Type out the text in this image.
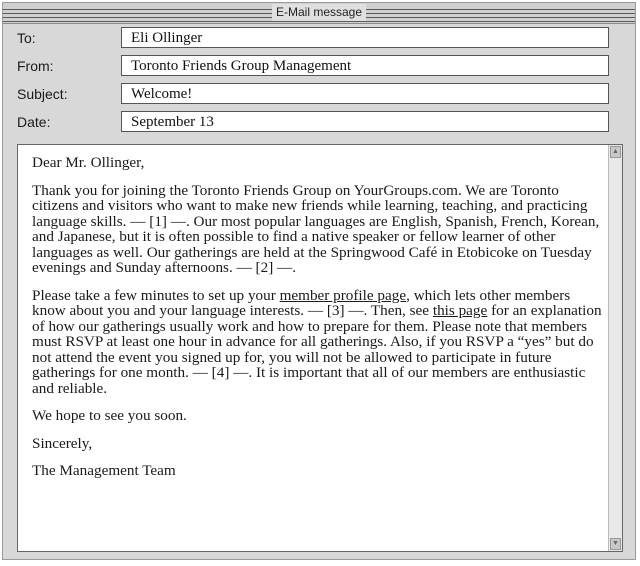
E-Mail message
To:	Eli Ollinger
From:	Toronto Friends Group Management
Subject:	Welcome!
Date:	September 13

Dear Mr. Ollinger,

Thank you for joining the Toronto Friends Group on YourGroups.com. We are Toronto citizens and visitors who want to make new friends while learning, teaching, and practicing language skills. — [1] —. Our most popular languages are English, Spanish, French, Korean, and Japanese, but it is often possible to find a native speaker or fellow learner of other languages as well. Our gatherings are held at the Springwood Café in Etobicoke on Tuesday evenings and Sunday afternoons. — [2] —.

Please take a few minutes to set up your member profile page, which lets other members know about you and your language interests. — [3] —. Then, see this page for an explanation of how our gatherings usually work and how to prepare for them. Please note that members must RSVP at least one hour in advance for all gatherings. Also, if you RSVP a “yes” but do not attend the event you signed up for, you will not be allowed to participate in future gatherings for one month. — [4] —. It is important that all of our members are enthusiastic and reliable.

We hope to see you soon.

Sincerely,

The Management Team

▲
▼
